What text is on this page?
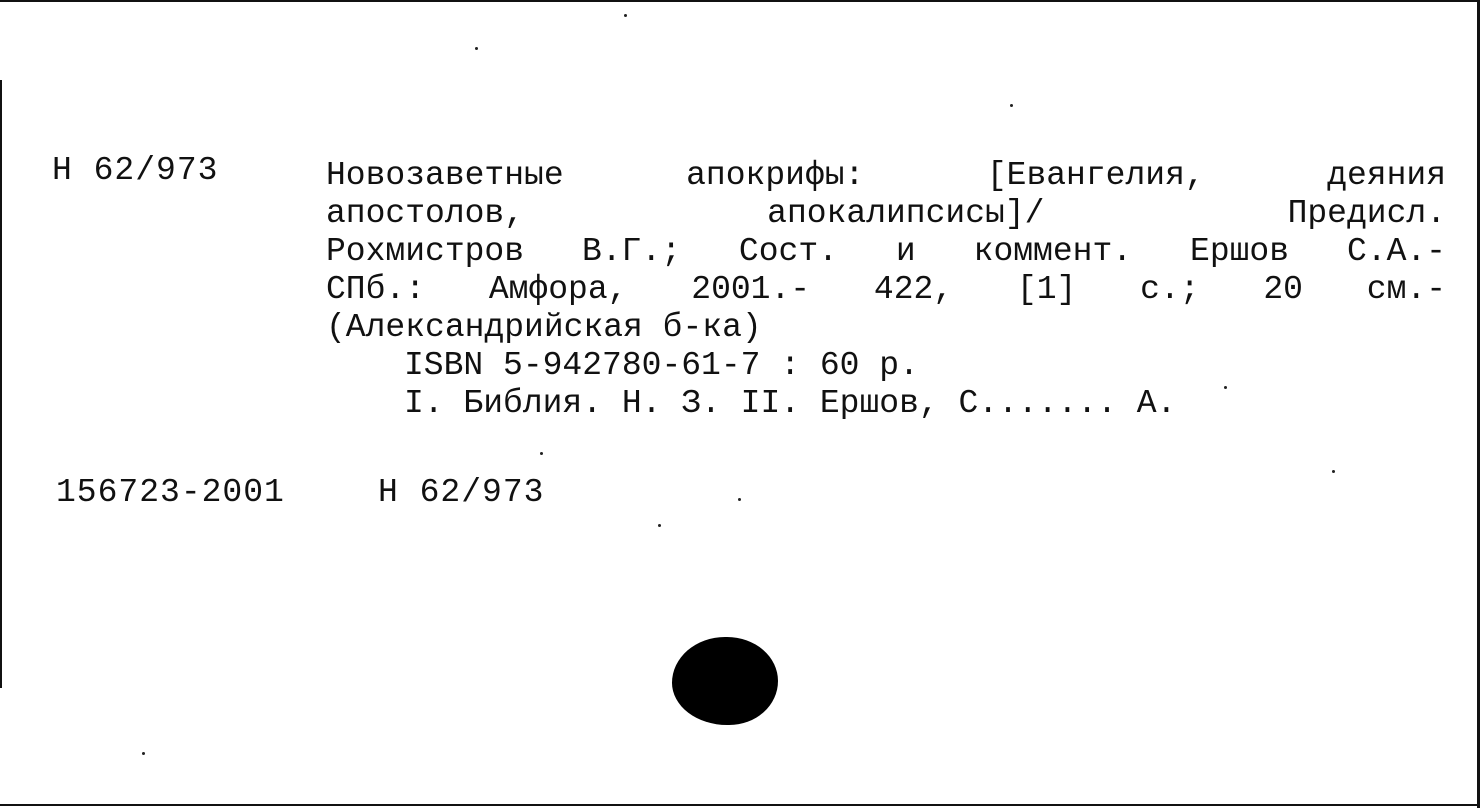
Н 62/973	Новозаветные апокрифы: [Евангелия, деяния
апостолов, апокалипсисы]/ Предисл.
Рохмистров В.Г.; Сост. и коммент. Ершов С.А.-
СПб.: Амфора, 2001.- 422, [1] с.; 20 см.-
(Александрийская б-ка)
ISBN 5-942780-61-7 : 60 р.
I. Библия. Н. З. II. Ершов, С....... А.
156723-2001	Н 62/973
